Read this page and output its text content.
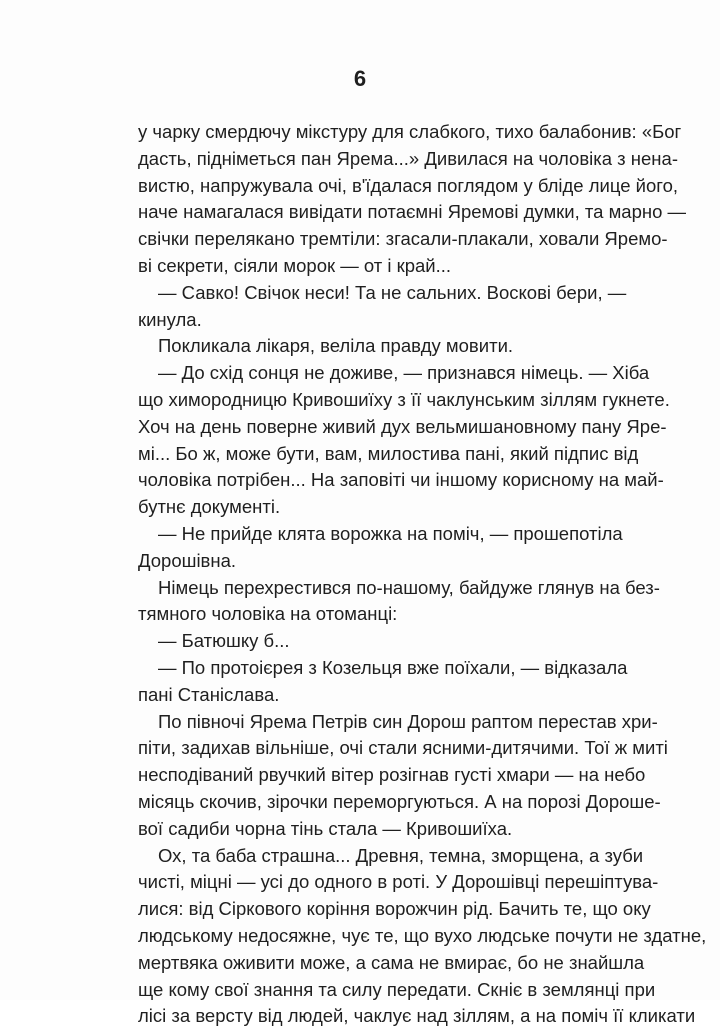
6

у чарку смердючу мікстуру для слабкого, тихо балабонив: «Бог
дасть, підніметься пан Ярема...» Дивилася на чоловіка з нена-
вистю, напружувала очі, в'їдалася поглядом у бліде лице його,
наче намагалася вивідати потаємні Яремові думки, та марно —
свічки перелякано тремтіли: згасали-плакали, ховали Яремо-
ві секрети, сіяли морок — от і край...

— Савко! Свічок неси! Та не сальних. Воскові бери, —
кинула.

Покликала лікаря, веліла правду мовити.

— До схід сонця не доживе, — признався німець. — Хіба
що химородницю Кривошиїху з її чаклунським зіллям гукнете.
Хоч на день поверне живий дух вельмишановному пану Яре-
мі... Бо ж, може бути, вам, милостива пані, який підпис від
чоловіка потрібен... На заповіті чи іншому корисному на май-
бутнє документі.

— Не прийде клята ворожка на поміч, — прошепотіла
Дорошівна.

Німець перехрестився по-нашому, байдуже глянув на без-
тямного чоловіка на отоманці:

— Батюшку б...

— По протоієрея з Козельця вже поїхали, — відказала
пані Станіслава.

По півночі Ярема Петрів син Дорош раптом перестав хри-
піти, задихав вільніше, очі стали ясними-дитячими. Тої ж миті
несподіваний рвучкий вітер розігнав густі хмари — на небо
місяць скочив, зірочки переморгуються. А на порозі Дороше-
вої садиби чорна тінь стала — Кривошиїха.

Ох, та баба страшна... Древня, темна, зморщена, а зуби
чисті, міцні — усі до одного в роті. У Дорошівці перешіптува-
лися: від Сіркового коріння ворожчин рід. Бачить те, що оку
людському недосяжне, чує те, що вухо людське почути не здатне,
мертвяка оживити може, а сама не вмирає, бо не знайшла
ще кому свої знання та силу передати. Скніє в землянці при
лісі за версту від людей, чаклує над зіллям, а на поміч її кликати
